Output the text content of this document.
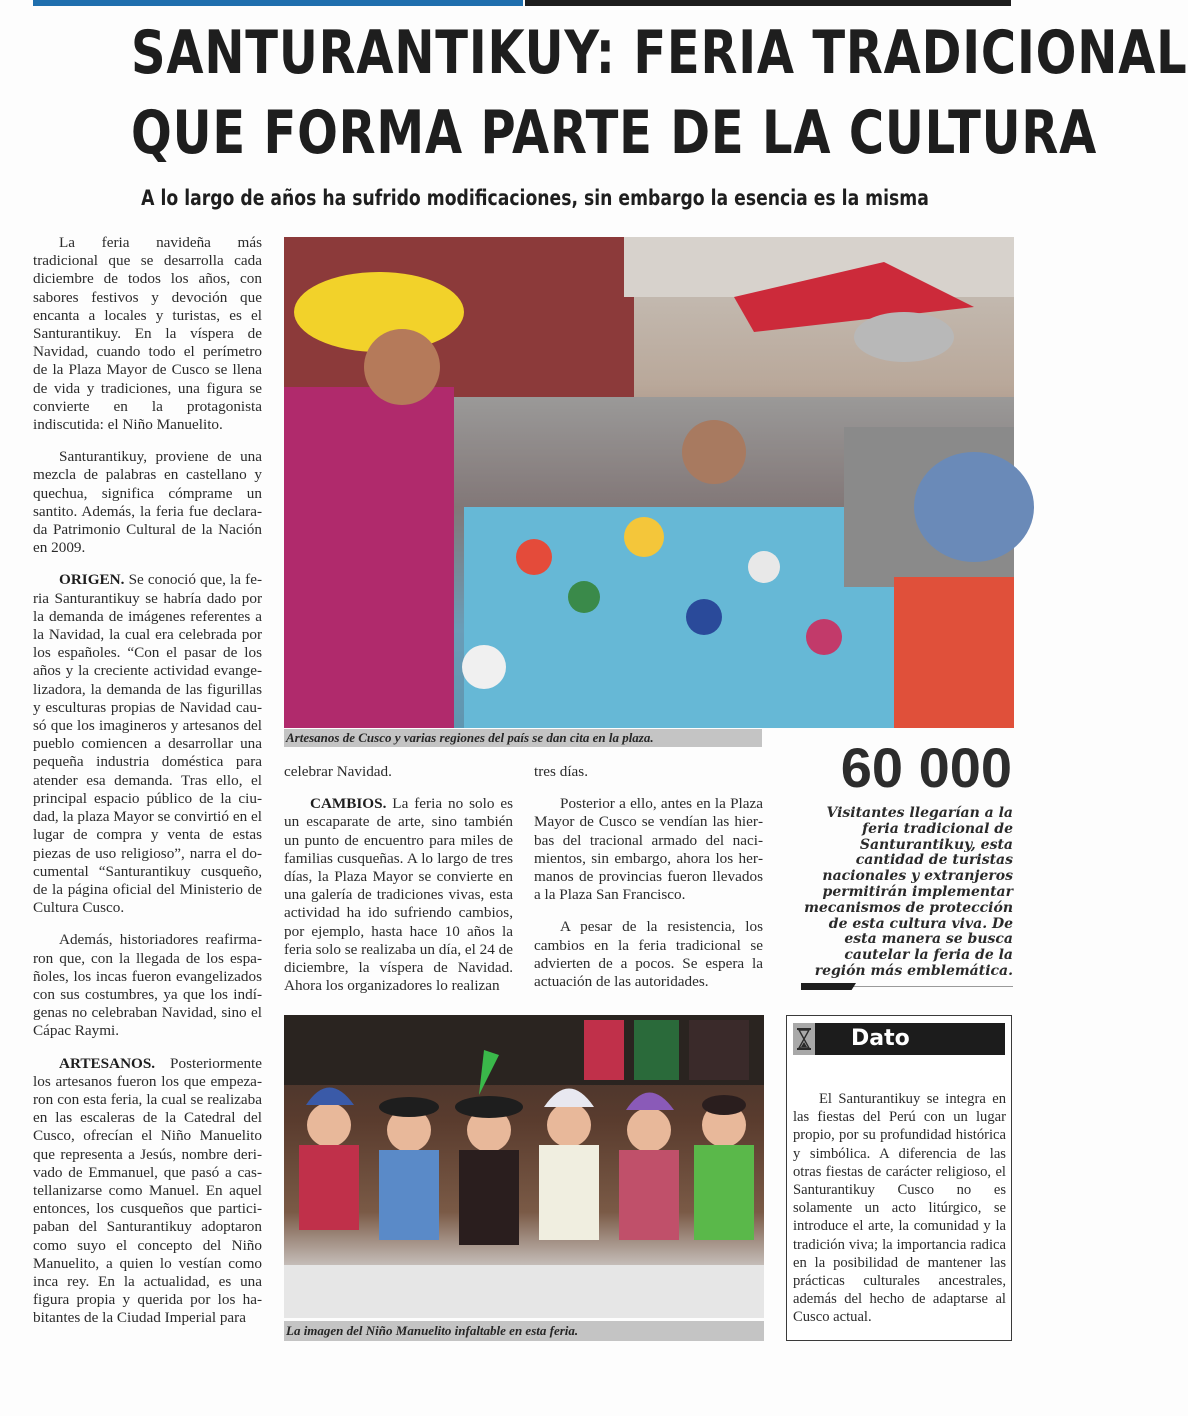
SANTURANTIKUY: FERIA TRADICIONAL
QUE FORMA PARTE DE LA CULTURA
A lo largo de años ha sufrido modificaciones, sin embargo la esencia es la misma

La feria navideña más tradicional que se desarrolla cada diciembre de todos los años, con sabores festivos y devoción que encanta a locales y turistas, es el Santurantikuy. En la víspera de Navidad, cuando todo el perímetro de la Plaza Mayor de Cusco se llena de vida y tradiciones, una figura se convierte en la protagonista indiscutida: el Niño Manuelito.

Santurantikuy, proviene de una mezcla de palabras en castellano y quechua, significa cómprame un santito. Además, la feria fue declarada Patrimonio Cultural de la Nación en 2009.

ORIGEN. Se conoció que, la feria Santurantikuy se habría dado por la demanda de imágenes referentes a la Navidad, la cual era celebrada por los españoles. “Con el pasar de los años y la creciente actividad evangelizadora, la demanda de las figurillas y esculturas propias de Navidad causó que los imagineros y artesanos del pueblo comiencen a desarrollar una pequeña industria doméstica para atender esa demanda. Tras ello, el principal espacio público de la ciudad, la plaza Mayor se convirtió en el lugar de compra y venta de estas piezas de uso religioso”, narra el documental “Santurantikuy cusqueño, de la página oficial del Ministerio de Cultura Cusco.

Además, historiadores reafirmaron que, con la llegada de los españoles, los incas fueron evangelizados con sus costumbres, ya que los indígenas no celebraban Navidad, sino el Cápac Raymi.

ARTESANOS. Posteriormente los artesanos fueron los que empezaron con esta feria, la cual se realizaba en las escaleras de la Catedral del Cusco, ofrecían el Niño Manuelito que representa a Jesús, nombre derivado de Emmanuel, que pasó a castellanizarse como Manuel. En aquel entonces, los cusqueños que participaban del Santurantikuy adoptaron como suyo el concepto del Niño Manuelito, a quien lo vestían como inca rey. En la actualidad, es una figura propia y querida por los habitantes de la Ciudad Imperial para

Artesanos de Cusco y varias regiones del país se dan cita en la plaza.

celebrar Navidad.

CAMBIOS. La feria no solo es un escaparate de arte, sino también un punto de encuentro para miles de familias cusqueñas. A lo largo de tres días, la Plaza Mayor se convierte en una galería de tradiciones vivas, esta actividad ha ido sufriendo cambios, por ejemplo, hasta hace 10 años la feria solo se realizaba un día, el 24 de diciembre, la víspera de Navidad. Ahora los organizadores lo realizan

tres días.

Posterior a ello, antes en la Plaza Mayor de Cusco se vendían las hierbas del tracional armado del nacimientos, sin embargo, ahora los hermanos de provincias fueron llevados a la Plaza San Francisco.

A pesar de la resistencia, los cambios en la feria tradicional se advierten de a pocos. Se espera la actuación de las autoridades.

60 000
Visitantes llegarían a la feria tradicional de Santurantikuy, esta cantidad de turistas nacionales y extranjeros permitirán implementar mecanismos de protección de esta cultura viva. De esta manera se busca cautelar la feria de la región más emblemática.
La imagen del Niño Manuelito infaltable en esta feria.
Dato

El Santurantikuy se integra en las fiestas del Perú con un lugar propio, por su profundidad histórica y simbólica. A diferencia de las otras fiestas de carácter religioso, el Santurantikuy Cusco no es solamente un acto litúrgico, se introduce el arte, la comunidad y la tradición viva; la importancia radica en la posibilidad de mantener las prácticas culturales ancestrales, además del hecho de adaptarse al Cusco actual.
